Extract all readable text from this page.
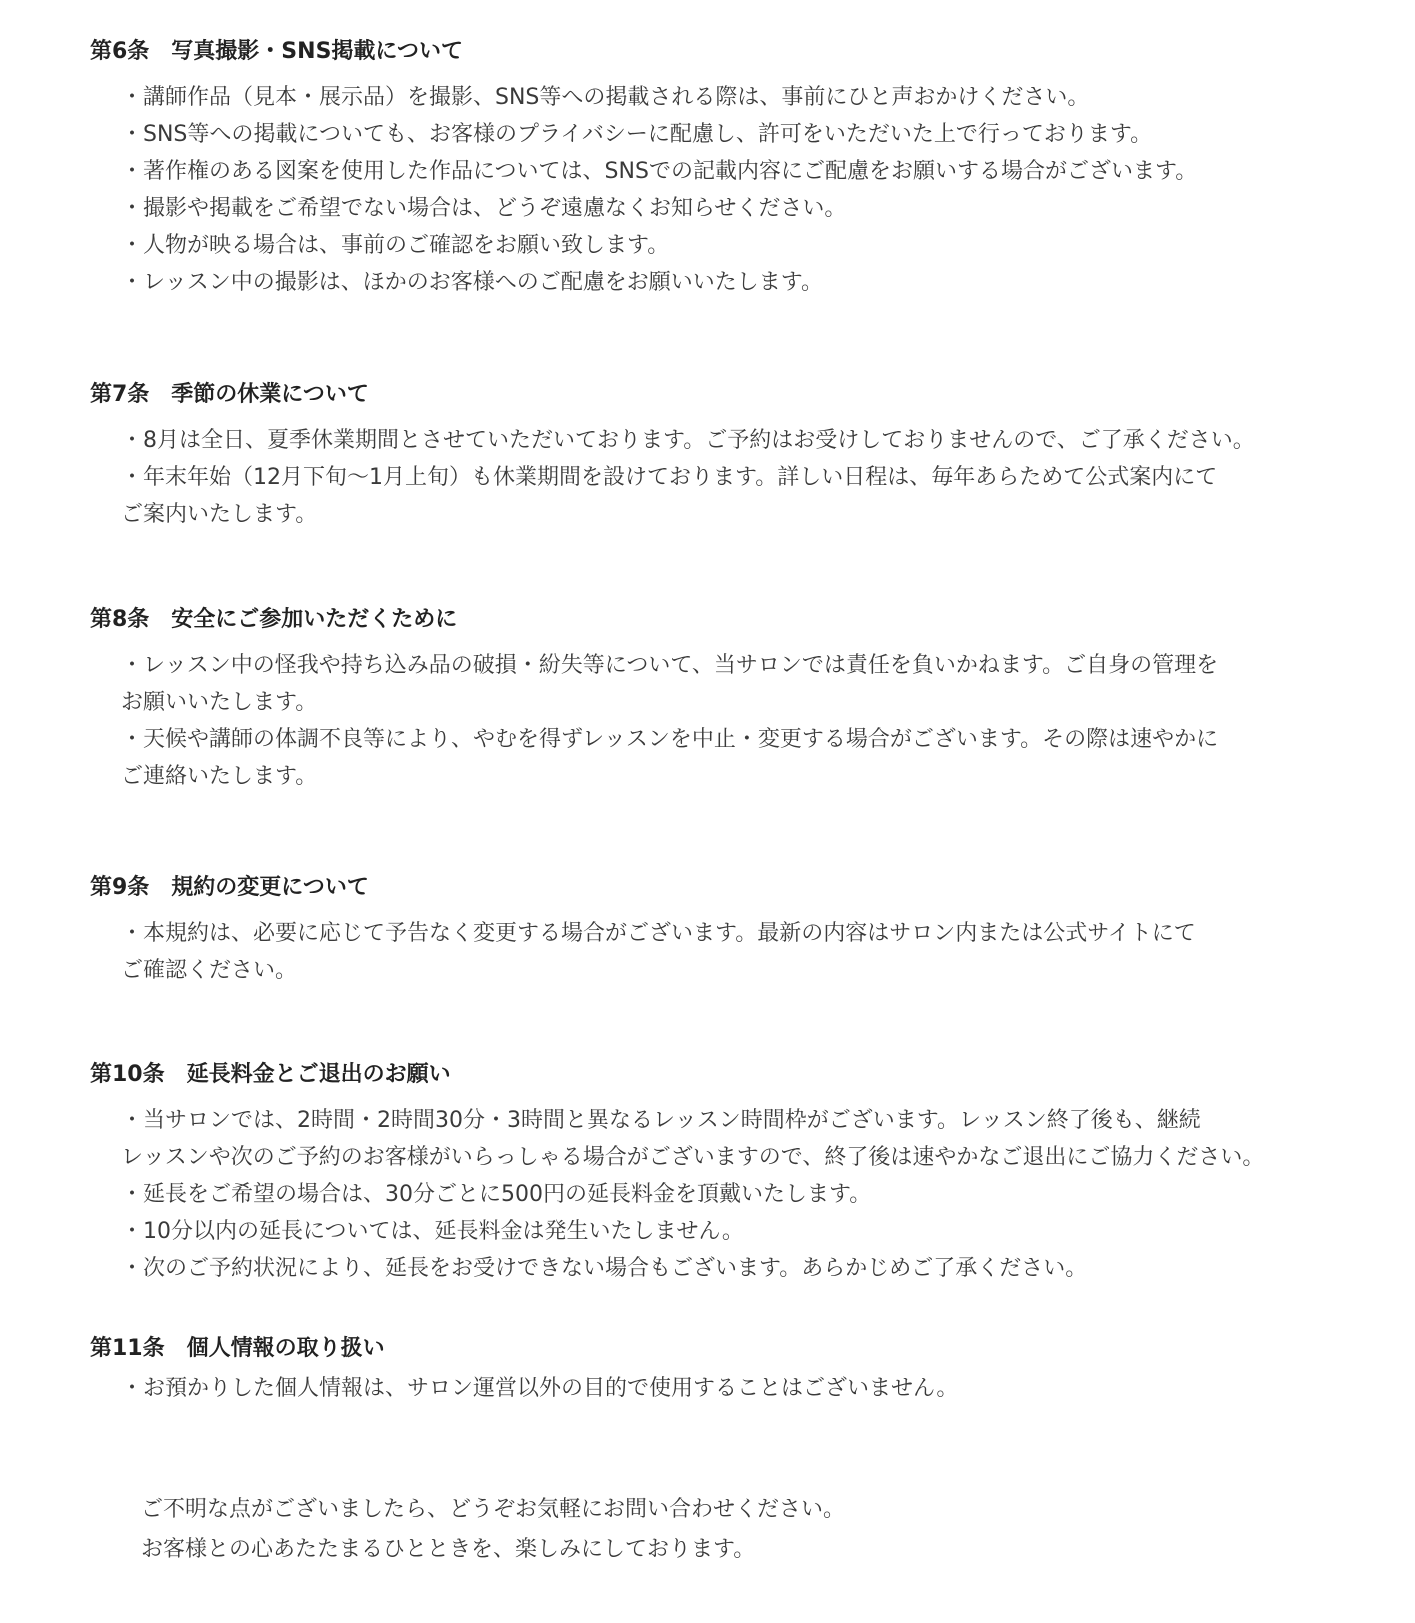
第6条　写真撮影・SNS掲載について
・講師作品（見本・展示品）を撮影、SNS等への掲載される際は、事前にひと声おかけください。
・SNS等への掲載についても、お客様のプライバシーに配慮し、許可をいただいた上で行っております。
・著作権のある図案を使用した作品については、SNSでの記載内容にご配慮をお願いする場合がございます。
・撮影や掲載をご希望でない場合は、どうぞ遠慮なくお知らせください。
・人物が映る場合は、事前のご確認をお願い致します。
・レッスン中の撮影は、ほかのお客様へのご配慮をお願いいたします。
第7条　季節の休業について
・8月は全日、夏季休業期間とさせていただいております。ご予約はお受けしておりませんので、ご了承ください。
・年末年始（12月下旬～1月上旬）も休業期間を設けております。詳しい日程は、毎年あらためて公式案内にて
ご案内いたします。
第8条　安全にご参加いただくために
・レッスン中の怪我や持ち込み品の破損・紛失等について、当サロンでは責任を負いかねます。ご自身の管理を
お願いいたします。
・天候や講師の体調不良等により、やむを得ずレッスンを中止・変更する場合がございます。その際は速やかに
ご連絡いたします。
第9条　規約の変更について
・本規約は、必要に応じて予告なく変更する場合がございます。最新の内容はサロン内または公式サイトにて
ご確認ください。
第10条　延長料金とご退出のお願い
・当サロンでは、2時間・2時間30分・3時間と異なるレッスン時間枠がございます。レッスン終了後も、継続
レッスンや次のご予約のお客様がいらっしゃる場合がございますので、終了後は速やかなご退出にご協力ください。
・延長をご希望の場合は、30分ごとに500円の延長料金を頂戴いたします。
・10分以内の延長については、延長料金は発生いたしません。
・次のご予約状況により、延長をお受けできない場合もございます。あらかじめご了承ください。
第11条　個人情報の取り扱い
・お預かりした個人情報は、サロン運営以外の目的で使用することはございません。
ご不明な点がございましたら、どうぞお気軽にお問い合わせください。
お客様との心あたたまるひとときを、楽しみにしております。
